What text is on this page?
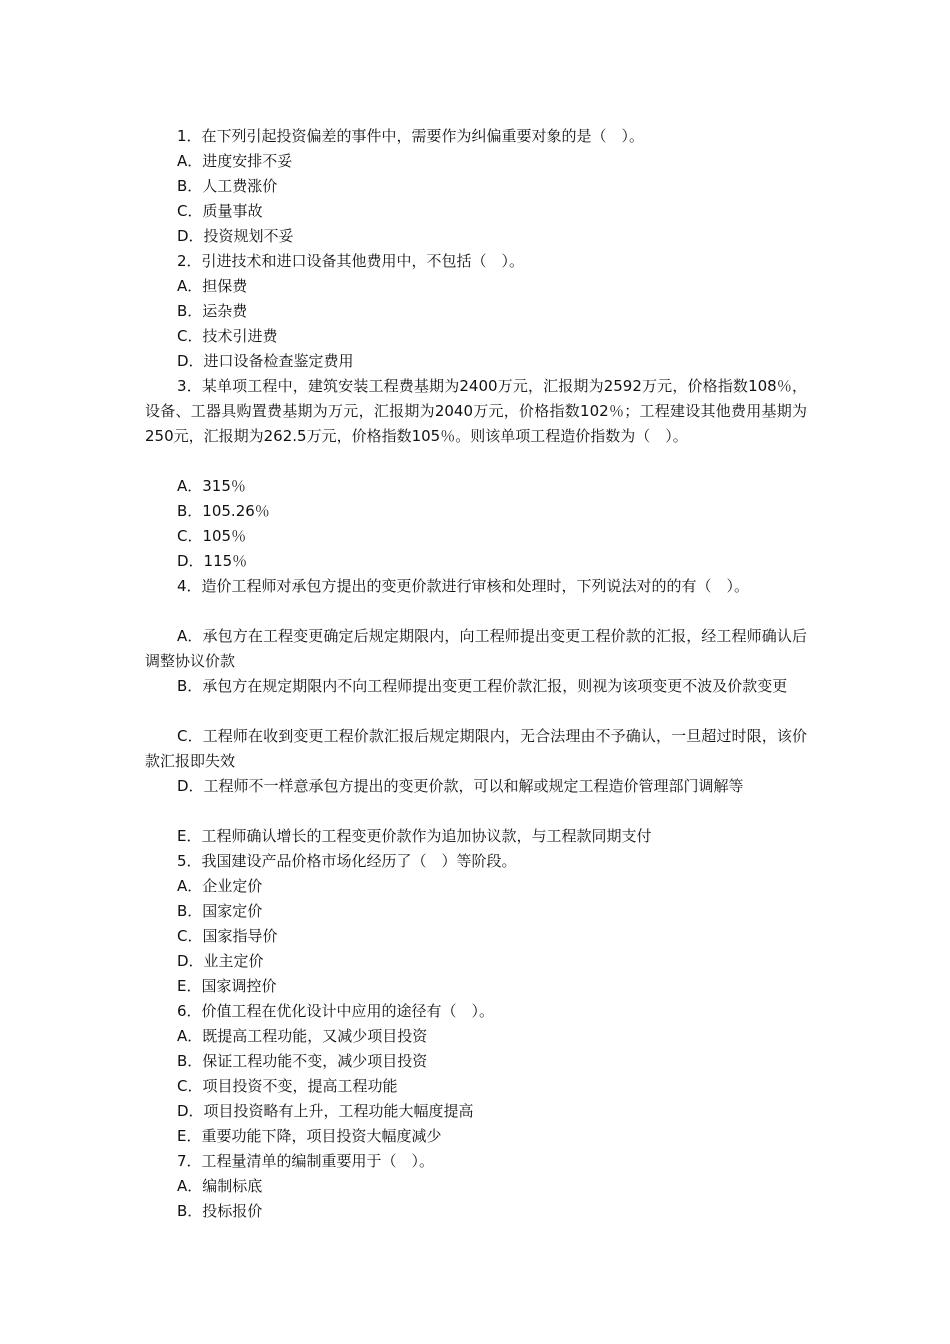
1．在下列引起投资偏差的事件中，需要作为纠偏重要对象的是（　）。
A．进度安排不妥
B．人工费涨价
C．质量事故
D．投资规划不妥
2．引进技术和进口设备其他费用中，不包括（　）。
A．担保费
B．运杂费
C．技术引进费
D．进口设备检查鉴定费用
3．某单项工程中，建筑安装工程费基期为2400万元，汇报期为2592万元，价格指数108％，设备、工器具购置费基期为万元，汇报期为2040万元，价格指数102％；工程建设其他费用基期为250元，汇报期为262.5万元，价格指数105％。则该单项工程造价指数为（　）。
A．315％
B．105.26％
C．105％
D．115％
4．造价工程师对承包方提出的变更价款进行审核和处理时，下列说法对的的有（　）。
A．承包方在工程变更确定后规定期限内，向工程师提出变更工程价款的汇报，经工程师确认后调整协议价款
B．承包方在规定期限内不向工程师提出变更工程价款汇报，则视为该项变更不波及价款变更
C．工程师在收到变更工程价款汇报后规定期限内，无合法理由不予确认，一旦超过时限，该价款汇报即失效
D．工程师不一样意承包方提出的变更价款，可以和解或规定工程造价管理部门调解等
E．工程师确认增长的工程变更价款作为追加协议款，与工程款同期支付
5．我国建设产品价格市场化经历了（　）等阶段。
A．企业定价
B．国家定价
C．国家指导价
D．业主定价
E．国家调控价
6．价值工程在优化设计中应用的途径有（　）。
A．既提高工程功能，又减少项目投资
B．保证工程功能不变，减少项目投资
C．项目投资不变，提高工程功能
D．项目投资略有上升，工程功能大幅度提高
E．重要功能下降，项目投资大幅度减少
7．工程量清单的编制重要用于（　）。
A．编制标底
B．投标报价
